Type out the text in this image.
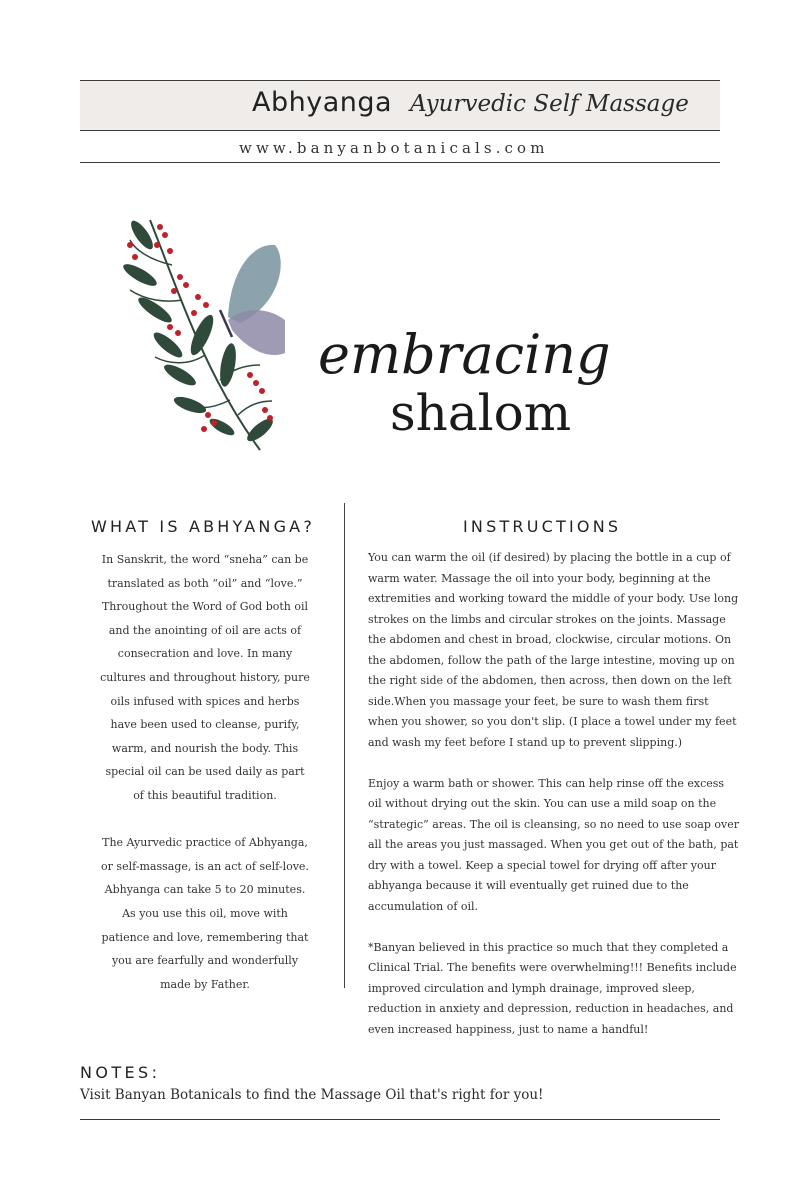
Abhyanga Ayurvedic Self Massage
www.banyanbotanicals.com
embracing
shalom
WHAT IS ABHYANGA?	INSTRUCTIONS

In Sanskrit, the word “sneha” can be translated as both “oil” and “love.” Throughout the Word of God both oil and the anointing of oil are acts of consecration and love. In many cultures and throughout history, pure oils infused with spices and herbs have been used to cleanse, purify, warm, and nourish the body. This special oil can be used daily as part of this beautiful tradition.

The Ayurvedic practice of Abhyanga, or self-massage, is an act of self-love. Abhyanga can take 5 to 20 minutes. As you use this oil, move with patience and love, remembering that you are fearfully and wonderfully made by Father.

You can warm the oil (if desired) by placing the bottle in a cup of warm water. Massage the oil into your body, beginning at the extremities and working toward the middle of your body. Use long strokes on the limbs and circular strokes on the joints. Massage the abdomen and chest in broad, clockwise, circular motions. On the abdomen, follow the path of the large intestine, moving up on the right side of the abdomen, then across, then down on the left side.When you massage your feet, be sure to wash them first when you shower, so you don't slip. (I place a towel under my feet and wash my feet before I stand up to prevent slipping.)

Enjoy a warm bath or shower. This can help rinse off the excess oil without drying out the skin. You can use a mild soap on the “strategic” areas. The oil is cleansing, so no need to use soap over all the areas you just massaged. When you get out of the bath, pat dry with a towel. Keep a special towel for drying off after your abhyanga because it will eventually get ruined due to the accumulation of oil.

*Banyan believed in this practice so much that they completed a Clinical Trial. The benefits were overwhelming!!! Benefits include improved circulation and lymph drainage, improved sleep, reduction in anxiety and depression, reduction in headaches, and even increased happiness, just to name a handful!

NOTES:
Visit Banyan Botanicals to find the Massage Oil that's right for you!
